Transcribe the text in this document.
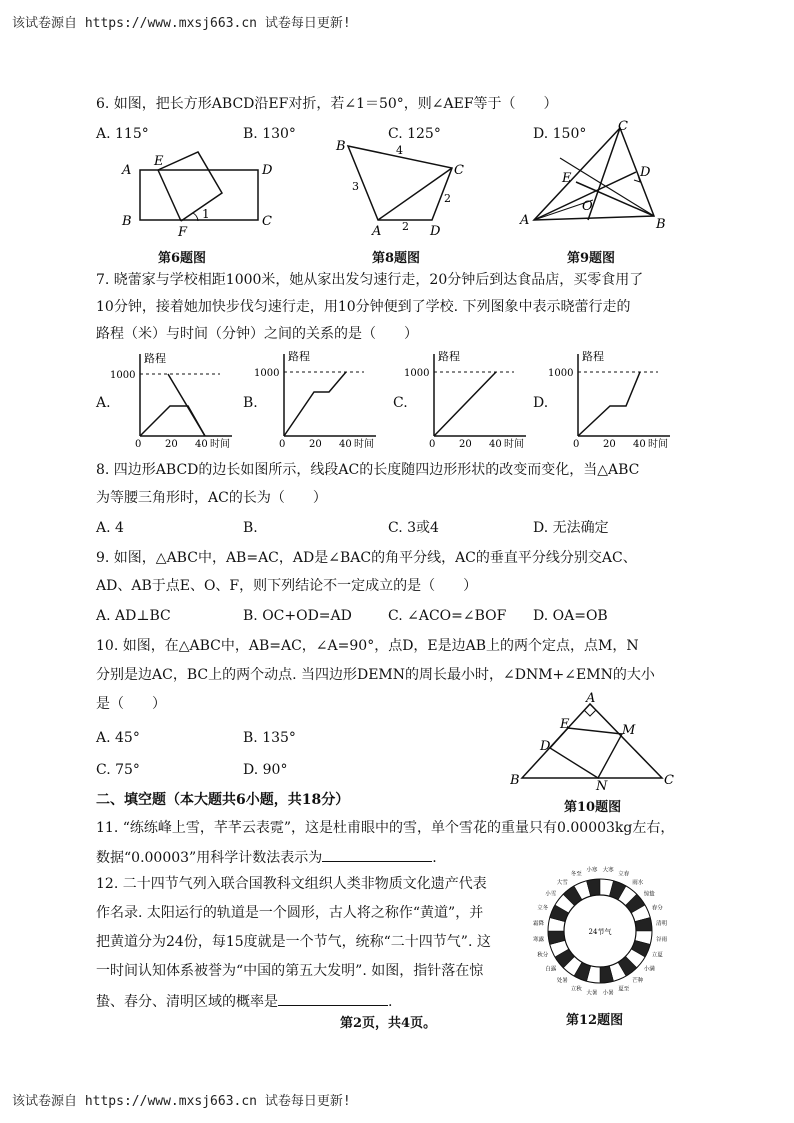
该试卷源自 https://www.mxsj663.cn 试卷每日更新!
6. 如图，把长方形ABCD沿EF对折，若∠1＝50°，则∠AEF等于（　　）
A. 115°	B. 130°	C. 125°	D. 150°
A
B	C
D
E
F
1
第6题图
B
C
A	D
4
3
2
2
第8题图
A	B
C
D
E
O
第9题图
7. 晓蕾家与学校相距1000米，她从家出发匀速行走，20分钟后到达食品店，买零食用了
10分钟，接着她加快步伐匀速行走，用10分钟便到了学校. 下列图象中表示晓蕾行走的
路程（米）与时间（分钟）之间的关系的是（　　）
A.	B.	C.	D.
路程
1000
0 20 40 时间
路程
1000
0 20 40 时间
路程
1000
0 20 40 时间
路程
1000
0 20 40 时间
8. 四边形ABCD的边长如图所示，线段AC的长度随四边形形状的改变而变化，当△ABC
为等腰三角形时，AC的长为（　　）
A. 4	B.	C. 3或4	D. 无法确定
9. 如图，△ABC中，AB=AC，AD是∠BAC的角平分线，AC的垂直平分线分别交AC、
AD、AB于点E、O、F，则下列结论不一定成立的是（　　）
A. AD⊥BC	B. OC+OD=AD	C. ∠ACO=∠BOF D. OA=OB
10. 如图，在△ABC中，AB=AC，∠A=90°，点D，E是边AB上的两个定点，点M，N
分别是边AC，BC上的两个动点. 当四边形DEMN的周长最小时，∠DNM+∠EMN的大小
是（　　）
A. 45°	B. 135°
C. 75°	D. 90°
B	C
A
D
E	M
N
第10题图
二、填空题（本大题共6小题，共18分）
11. “练练峰上雪，芊芊云表霓”，这是杜甫眼中的雪，单个雪花的重量只有0.00003kg左右，
数据“0.00003”用科学计数法表示为	.
12. 二十四节气列入联合国教科文组织人类非物质文化遗产代表
作名录. 太阳运行的轨道是一个圆形，古人将之称作“黄道”，并
把黄道分为24份，每15度就是一个节气，统称“二十四节气”. 这
一时间认知体系被誉为“中国的第五大发明”. 如图，指针落在惊
蛰、春分、清明区域的概率是	.
24节气
立春
雨水
惊蛰
春分
清明
谷雨
立夏
小满
芒种
夏至
小暑
大暑
立秋
处暑
白露
秋分
寒露
霜降
立冬
小雪
大雪
冬至
小寒 大寒
第12题图
第2页，共4页。
该试卷源自 https://www.mxsj663.cn 试卷每日更新!
